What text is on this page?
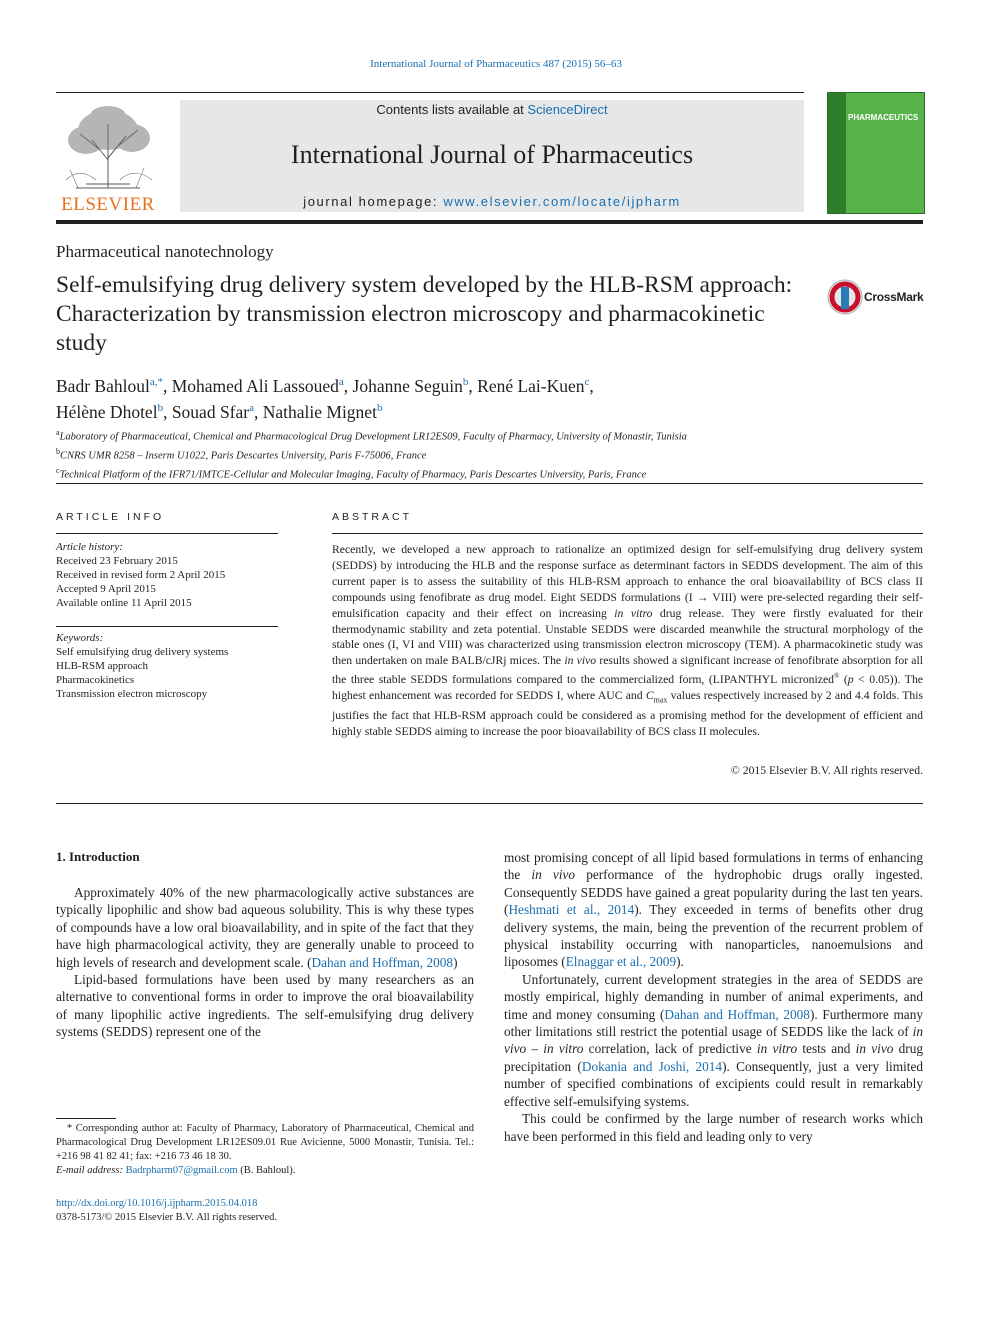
International Journal of Pharmaceutics 487 (2015) 56–63
ELSEVIER
Contents lists available at ScienceDirect
International Journal of Pharmaceutics
journal homepage: www.elsevier.com/locate/ijpharm
PHARMACEUTICS
Pharmaceutical nanotechnology
Self-emulsifying drug delivery system developed by the HLB-RSM approach: Characterization by transmission electron microscopy and pharmacokinetic study
CrossMark
Badr Bahloul$^{a,*}$, Mohamed Ali Lassoued$^a$, Johanne Seguin$^b$, René Lai-Kuen$^c$,
Hélène Dhotel$^b$, Souad Sfar$^a$, Nathalie Mignet$^b$
$^a$Laboratory of Pharmaceutical, Chemical and Pharmacological Drug Development LR12ES09, Faculty of Pharmacy, University of Monastir, Tunisia
$^b$CNRS UMR 8258 – Inserm U1022, Paris Descartes University, Paris F-75006, France
$^c$Technical Platform of the IFR71/IMTCE-Cellular and Molecular Imaging, Faculty of Pharmacy, Paris Descartes University, Paris, France
ARTICLE INFO	ABSTRACT
Article history:
Received 23 February 2015
Received in revised form 2 April 2015
Accepted 9 April 2015
Available online 11 April 2015
Keywords:
Self emulsifying drug delivery systems
HLB-RSM approach
Pharmacokinetics
Transmission electron microscopy
Recently, we developed a new approach to rationalize an optimized design for self-emulsifying drug delivery system (SEDDS) by introducing the HLB and the response surface as determinant factors in SEDDS development. The aim of this current paper is to assess the suitability of this HLB-RSM approach to enhance the oral bioavailability of BCS class II compounds using fenofibrate as drug model. Eight SEDDS formulations (I → VIII) were pre-selected regarding their self-emulsification capacity and their effect on increasing in vitro drug release. They were firstly evaluated for their thermodynamic stability and zeta potential. Unstable SEDDS were discarded meanwhile the structural morphology of the stable ones (I, VI and VIII) was characterized using transmission electron microscopy (TEM). A pharmacokinetic study was then undertaken on male BALB/cJRj mices. The in vivo results showed a significant increase of fenofibrate absorption for all the three stable SEDDS formulations compared to the commercialized form, (LIPANTHYL micronized® (p < 0.05)). The highest enhancement was recorded for SEDDS I, where AUC and $C_{max}$ values respectively increased by 2 and 4.4 folds. This justifies the fact that HLB-RSM approach could be considered as a promising method for the development of efficient and highly stable SEDDS aiming to increase the poor bioavailability of BCS class II molecules.
© 2015 Elsevier B.V. All rights reserved.
1. Introduction

Approximately 40% of the new pharmacologically active substances are typically lipophilic and show bad aqueous solubility. This is why these types of compounds have a low oral bioavailability, and in spite of the fact that they have high pharmacological activity, they are generally unable to proceed to high levels of research and development scale. (Dahan and Hoffman, 2008)

Lipid-based formulations have been used by many researchers as an alternative to conventional forms in order to improve the oral bioavailability of many lipophilic active ingredients. The self-emulsifying drug delivery systems (SEDDS) represent one of the

most promising concept of all lipid based formulations in terms of enhancing the in vivo performance of the hydrophobic drugs orally ingested. Consequently SEDDS have gained a great popularity during the last ten years. (Heshmati et al., 2014). They exceeded in terms of benefits other drug delivery systems, the main, being the prevention of the recurrent problem of physical instability occurring with nanoparticles, nanoemulsions and liposomes (Elnaggar et al., 2009).

Unfortunately, current development strategies in the area of SEDDS are mostly empirical, highly demanding in number of animal experiments, and time and money consuming (Dahan and Hoffman, 2008). Furthermore many other limitations still restrict the potential usage of SEDDS like the lack of in vivo – in vitro correlation, lack of predictive in vitro tests and in vivo drug precipitation (Dokania and Joshi, 2014). Consequently, just a very limited number of specified combinations of excipients could result in remarkably effective self-emulsifying systems.

This could be confirmed by the large number of research works which have been performed in this field and leading only to very

* Corresponding author at: Faculty of Pharmacy, Laboratory of Pharmaceutical, Chemical and Pharmacological Drug Development LR12ES09.01 Rue Avicienne, 5000 Monastir, Tunisia. Tel.: +216 98 41 82 41; fax: +216 73 46 18 30.
E-mail address: Badrpharm07@gmail.com (B. Bahloul).
http://dx.doi.org/10.1016/j.ijpharm.2015.04.018
0378-5173/© 2015 Elsevier B.V. All rights reserved.
